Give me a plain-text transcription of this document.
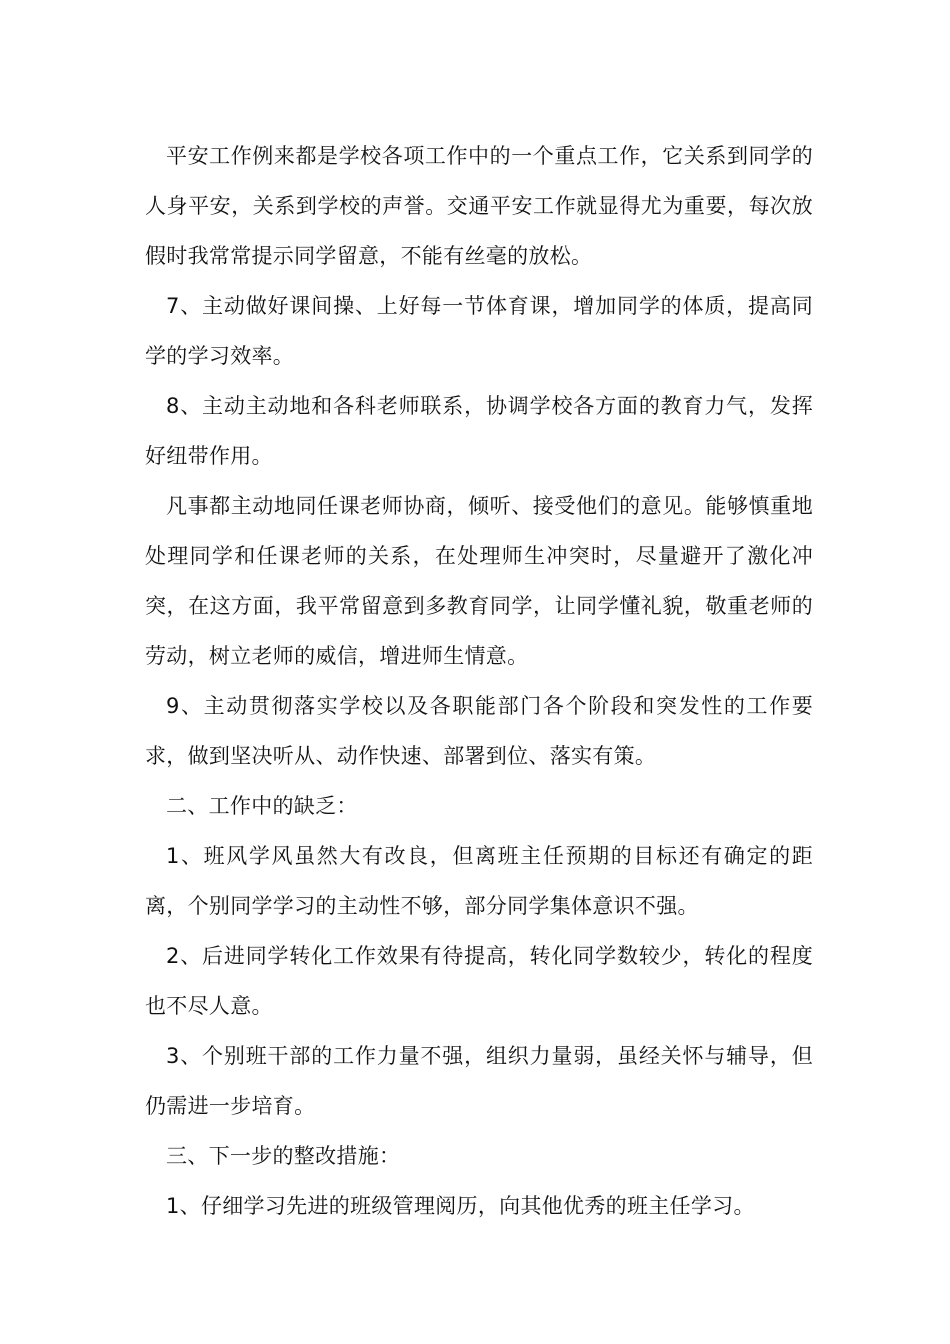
平安工作例来都是学校各项工作中的一个重点工作，它关系到同学的人身平安，关系到学校的声誉。交通平安工作就显得尤为重要，每次放假时我常常提示同学留意，不能有丝毫的放松。

7、主动做好课间操、上好每一节体育课，增加同学的体质，提高同学的学习效率。

8、主动主动地和各科老师联系，协调学校各方面的教育力气，发挥好纽带作用。

凡事都主动地同任课老师协商，倾听、接受他们的意见。能够慎重地处理同学和任课老师的关系，在处理师生冲突时，尽量避开了激化冲突，在这方面，我平常留意到多教育同学，让同学懂礼貌，敬重老师的劳动，树立老师的威信，增进师生情意。

9、主动贯彻落实学校以及各职能部门各个阶段和突发性的工作要求，做到坚决听从、动作快速、部署到位、落实有策。

二、工作中的缺乏：

1、班风学风虽然大有改良，但离班主任预期的目标还有确定的距离，个别同学学习的主动性不够，部分同学集体意识不强。

2、后进同学转化工作效果有待提高，转化同学数较少，转化的程度也不尽人意。

3、个别班干部的工作力量不强，组织力量弱，虽经关怀与辅导，但仍需进一步培育。

三、下一步的整改措施：

1、仔细学习先进的班级管理阅历，向其他优秀的班主任学习。
